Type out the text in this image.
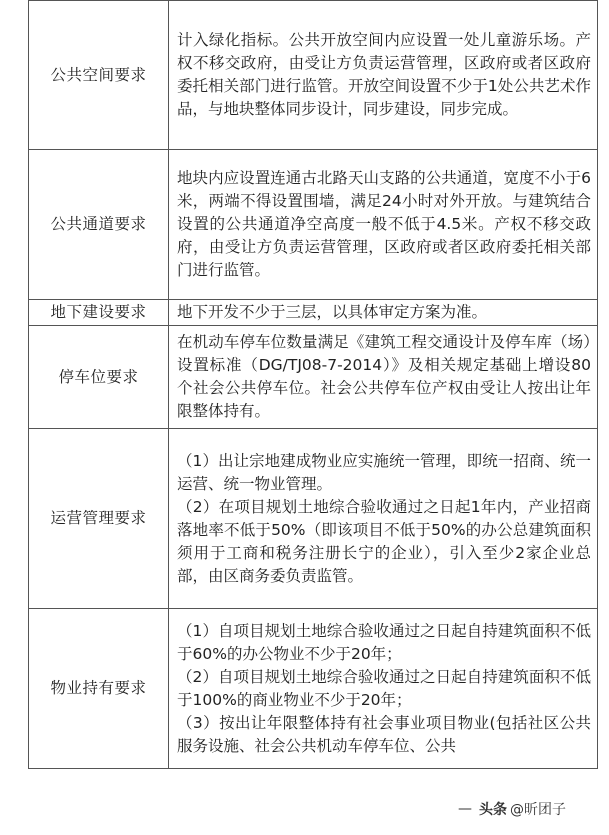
公共空间要求	计入绿化指标。公共开放空间内应设置一处儿童游乐场。产权不移交政府，由受让方负责运营管理，区政府或者区政府委托相关部门进行监管。开放空间设置不少于1处公共艺术作品，与地块整体同步设计，同步建设，同步完成。

公共通道要求	地块内应设置连通古北路天山支路的公共通道，宽度不小于6米，两端不得设置围墙，满足24小时对外开放。与建筑结合设置的公共通道净空高度一般不低于4.5米。产权不移交政府，由受让方负责运营管理，区政府或者区政府委托相关部门进行监管。

地下建设要求	地下开发不少于三层，以具体审定方案为准。

停车位要求	在机动车停车位数量满足《建筑工程交通设计及停车库（场）设置标准（DG/TJ08-7-2014）》及相关规定基础上增设80个社会公共停车位。社会公共停车位产权由受让人按出让年限整体持有。

运营管理要求	（1）出让宗地建成物业应实施统一管理，即统一招商、统一运营、统一物业管理。
（2）在项目规划土地综合验收通过之日起1年内，产业招商落地率不低于50%（即该项目不低于50%的办公总建筑面积须用于工商和税务注册长宁的企业），引入至少2家企业总部，由区商务委负责监管。

物业持有要求	（1）自项目规划土地综合验收通过之日起自持建筑面积不低于60%的办公物业不少于20年；
（2）自项目规划土地综合验收通过之日起自持建筑面积不低于100%的商业物业不少于20年；
（3）按出让年限整体持有社会事业项目物业(包括社区公共服务设施、社会公共机动车停车位、公共
— 头条 @昕团子
